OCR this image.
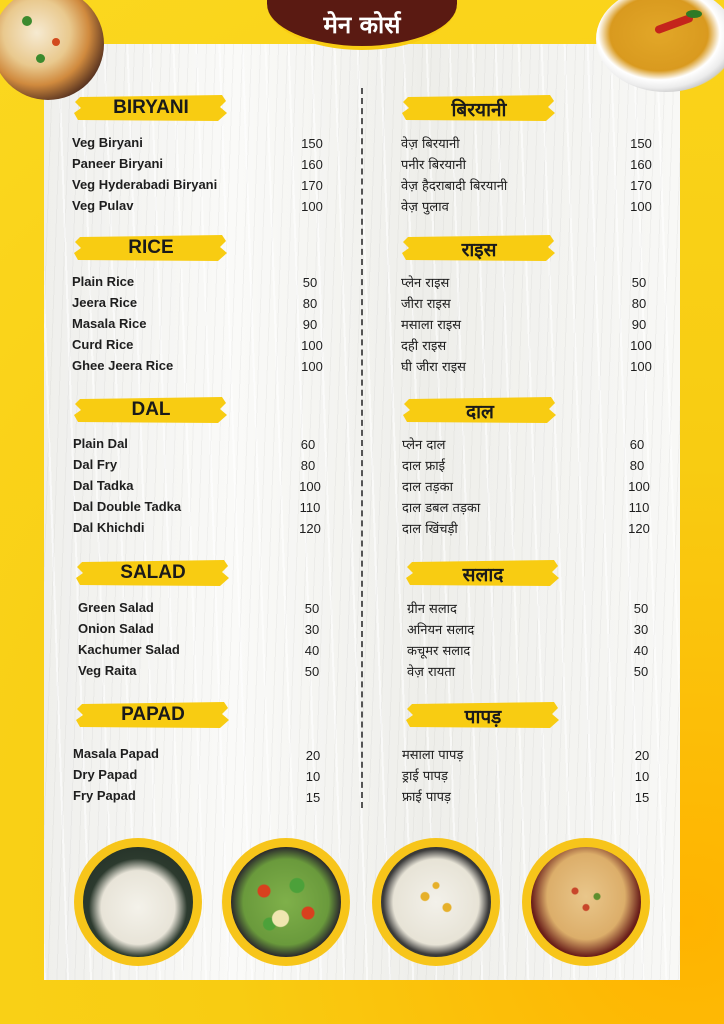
मेन कोर्स
BIRYANI
Veg Biryani	150
Paneer Biryani	160
Veg Hyderabadi Biryani	170
Veg Pulav	100
RICE
Plain Rice	50
Jeera Rice	80
Masala Rice	90
Curd Rice	100
Ghee Jeera Rice	100
DAL
Plain Dal	60
Dal Fry	80
Dal Tadka	100
Dal Double Tadka	110
Dal Khichdi	120
SALAD
Green Salad	50
Onion Salad	30
Kachumer Salad	40
Veg Raita	50
PAPAD
Masala Papad	20
Dry Papad	10
Fry Papad	15
बिरयानी
वेज़ बिरयानी	150
पनीर बिरयानी	160
वेज़ हैदराबादी बिरयानी	170
वेज़ पुलाव	100
राइस
प्लेन राइस	50
जीरा राइस	80
मसाला राइस	90
दही राइस	100
घी जीरा राइस	100
दाल
प्लेन दाल	60
दाल फ्राई	80
दाल तड़का	100
दाल डबल तड़का	110
दाल खिंचड़ी	120
सलाद
ग्रीन सलाद	50
अनियन सलाद	30
कचूमर सलाद	40
वेज़ रायता	50
पापड़
मसाला पापड़	20
ड्राई पापड़	10
फ्राई पापड़	15
